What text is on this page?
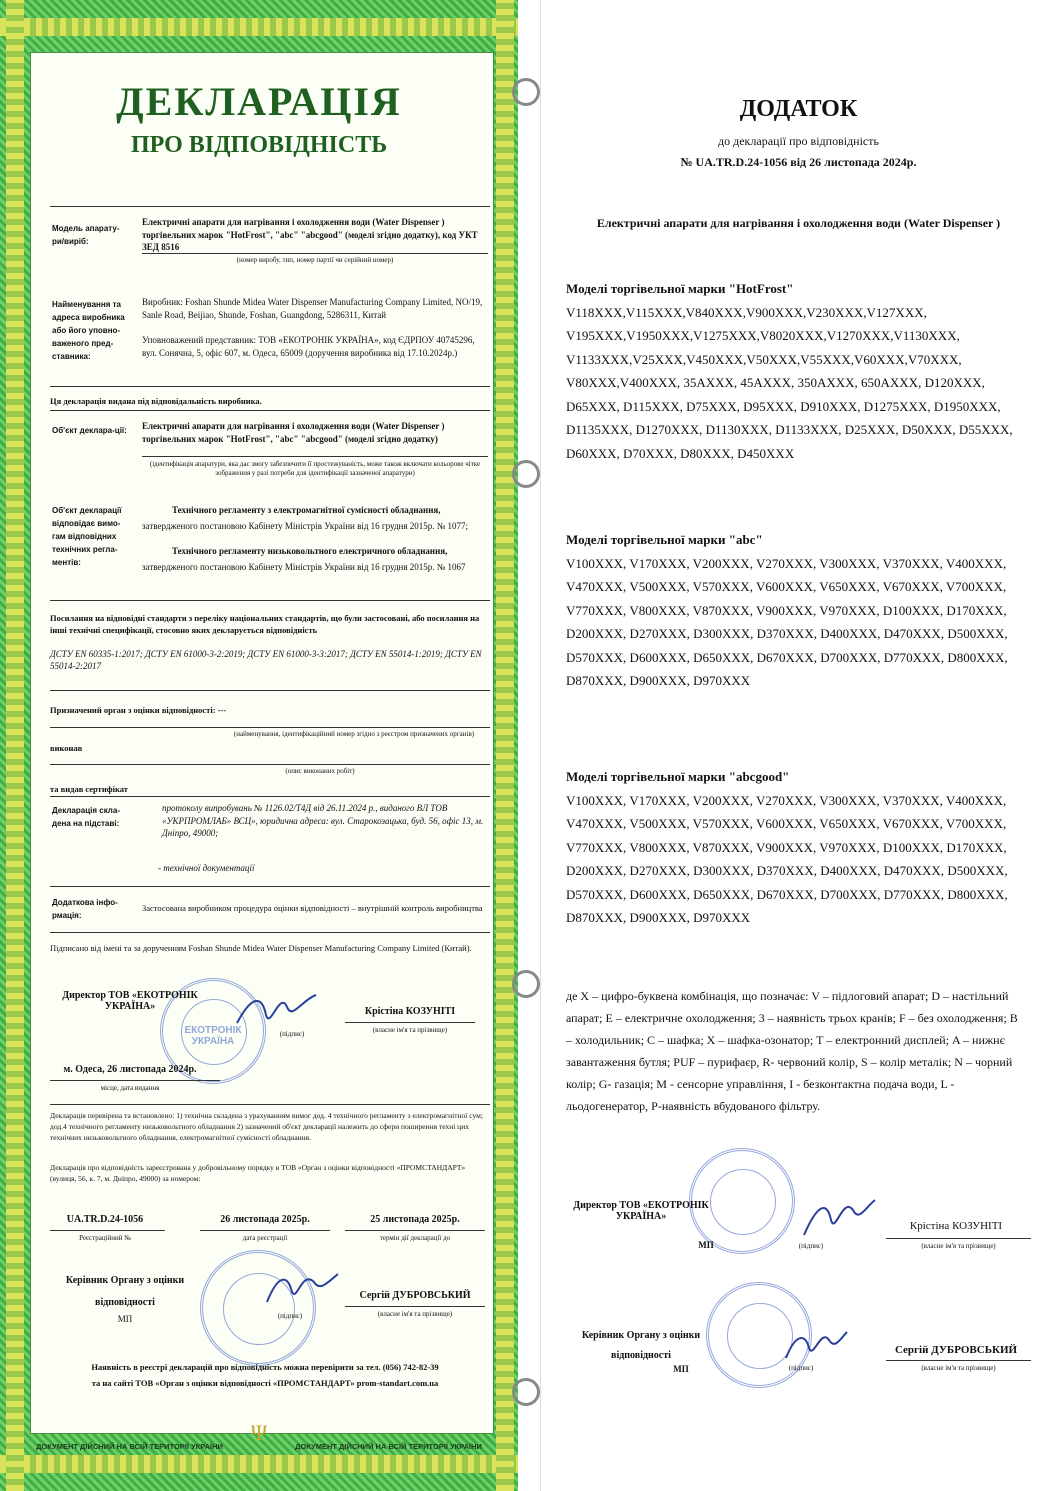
ДЕКЛАРАЦІЯ
ПРО ВІДПОВІДНІСТЬ
Модель апарату-ри/виріб:
Електричні апарати для нагрівання і охолодження води (Water Dispenser ) торгівельних марок "HotFrost", "abc" "abcgood" (моделі згідно додатку), код УКТ ЗЕД 8516
(номер виробу, тип, номер партії чи серійний номер)
Найменування та адреса виробника або його уповно-важеного пред-ставника:
Виробник: Foshan Shunde Midea Water Dispenser Manufacturing Company Limited, NO/19, Sanle Road, Beijiao, Shunde, Foshan, Guangdong, 5286311, Китай
Уповноважений представник: ТОВ «ЕКОТРОНІК УКРАЇНА», код ЄДРПОУ 40745296, вул. Сонячна, 5, офіс 607, м. Одеса, 65009 (доручення виробника від 17.10.2024р.)
Ця декларація видана під відповідальність виробника.
Об'єкт деклара-ції: Електричні апарати для нагрівання і охолодження води (Water Dispenser ) торгівельних марок "HotFrost", "abc" "abcgood" (моделі згідно додатку)
(ідентифікація апаратури, яка дає змогу забезпечити її простежуваність, може також включати кольорове чітке зображення у разі потреби для ідентифікації зазначеної апаратури)
Об'єкт декларації відповідає вимо-гам відповідних технічних регла-ментів:
Технічного регламенту з електромагнітної сумісності обладнання,
затвердженого постановою Кабінету Міністрів України від 16 грудня 2015р. № 1077;
Технічного регламенту низьковольтного електричного обладнання,
затвердженого постановою Кабінету Міністрів України від 16 грудня 2015р. № 1067
Посилання на відповідні стандарти з переліку національних стандартів, що були застосовані, або посилання на інші технічні специфікації, стосовно яких декларується відповідність
ДСТУ EN 60335-1:2017; ДСТУ EN 61000-3-2:2019; ДСТУ EN 61000-3-3:2017; ДСТУ EN 55014-1:2019; ДСТУ EN 55014-2:2017
Призначений орган з оцінки відповідності: ---
(найменування, ідентифікаційний номер згідно з реєстром призначених органів)
виконав
(опис виконаних робіт)
та видав сертифікат
Декларація скла-дена на підставі:
протоколу випробувань № 1126.02/Т4Д від 26.11.2024 р., виданого ВЛ ТОВ «УКРПРОМЛАБ» ВСЦ», юридична адреса: вул. Старокозацька, буд. 56, офіс 13, м. Дніпро, 49000;
- технічної документації
Додаткова інфо-рмація:
Застосована виробником процедура оцінки відповідності – внутрішній контроль виробництва
Підписано від імені та за дорученням Foshan Shunde Midea Water Dispenser Manufacturing Company Limited (Китай).
ЕКОТРОНІК УКРАЇНА
Директор ТОВ «ЕКОТРОНІК УКРАЇНА»
(підпис)
Крістіна КОЗУНІТІ
(власне ім'я та прізвище)
м. Одеса, 26 листопада 2024р.
місце, дата видання
Декларація перевірена та встановлено: 1) технічна складена з урахуванням вимог дод. 4 технічного регламенту з електромагнітної сум; дод.4 технічного регламенту низьковольтного обладнання 2) зазначений об'єкт декларації належить до сфери поширення техні цих технічних низьковольтного обладнання, електромагнітної сумісності обладнання.
Декларація про відповідність зареєстрована у добровільному порядку в ТОВ «Орган з оцінки відповідності «ПРОМСТАНДАРТ» (вулиця, 56, к. 7, м. Дніпро, 49000) за номером:
UA.TR.D.24-1056
Реєстраційний №
26 листопада 2025р.
дата реєстрації
25 листопада 2025р.
термін дії декларації до
Керівник Органу з оцінки відповідності
МП	(підпис)
Сергій ДУБРОВСЬКИЙ
(власне ім'я та прізвище)
Наявність в реєстрі декларацій про відповідність можна перевірити за тел. (056) 742-82-39
та на сайті ТОВ «Орган з оцінки відповідності «ПРОМСТАНДАРТ» prom-standart.com.ua
ДОКУМЕНТ ДІЙСНИЙ НА ВСІЙ ТЕРИТОРІЇ УКРАЇНИ	ДОКУМЕНТ ДІЙСНИЙ НА ВСІЙ ТЕРИТОРІЇ УКРАЇНИ
Ψ
ДОДАТОК
до декларації про відповідність
№ UA.TR.D.24-1056 від 26 листопада 2024р.
Електричні апарати для нагрівання і охолодження води (Water Dispenser )
Моделі торгівельної марки "HotFrost"
V118XXX,V115XXX,V840XXX,V900XXX,V230XXX,V127XXX, V195XXX,V1950XXX,V1275XXX,V8020XXX,V1270XXX,V1130XXX, V1133XXX,V25XXX,V450XXX,V50XXX,V55XXX,V60XXX,V70XXX, V80XXX,V400XXX, 35AXXX, 45AXXX, 350AXXX, 650AXXX, D120XXX, D65XXX, D115XXX, D75XXX, D95XXX, D910XXX, D1275XXX, D1950XXX, D1135XXX, D1270XXX, D1130XXX, D1133XXX, D25XXX, D50XXX, D55XXX, D60XXX, D70XXX, D80XXX, D450XXX
Моделі торгівельної марки "abc"
V100XXX, V170XXX, V200XXX, V270XXX, V300XXX, V370XXX, V400XXX, V470XXX, V500XXX, V570XXX, V600XXX, V650XXX, V670XXX, V700XXX, V770XXX, V800XXX, V870XXX, V900XXX, V970XXX, D100XXX, D170XXX, D200XXX, D270XXX, D300XXX, D370XXX, D400XXX, D470XXX, D500XXX, D570XXX, D600XXX, D650XXX, D670XXX, D700XXX, D770XXX, D800XXX, D870XXX, D900XXX, D970XXX
Моделі торгівельної марки "abcgood"
V100XXX, V170XXX, V200XXX, V270XXX, V300XXX, V370XXX, V400XXX, V470XXX, V500XXX, V570XXX, V600XXX, V650XXX, V670XXX, V700XXX, V770XXX, V800XXX, V870XXX, V900XXX, V970XXX, D100XXX, D170XXX, D200XXX, D270XXX, D300XXX, D370XXX, D400XXX, D470XXX, D500XXX, D570XXX, D600XXX, D650XXX, D670XXX, D700XXX, D770XXX, D800XXX, D870XXX, D900XXX, D970XXX
де X – цифро-буквена комбінація, що позначає: V – підлоговий апарат; D – настільний апарат; E – електричне охолодження; 3 – наявність трьох кранів; F – без охолодження; B – холодильник; C – шафка; X – шафка-озонатор; T – електронний дисплей; A – нижнє завантаження бутля; PUF – пурифаєр, R- червоний колір, S – колір металік; N – чорний колір; G- газація; M - сенсорне управління, I - безконтактна подача води, L - льодогенератор, P-наявність вбудованого фільтру.
Директор ТОВ «ЕКОТРОНІК УКРАЇНА»
МП	(підпис)
Крістіна КОЗУНІТІ
(власне ім'я та прізвище)
Керівник Органу з оцінки відповідності
МП	(підпис)
Сергій ДУБРОВСЬКИЙ
(власне ім'я та прізвище)
